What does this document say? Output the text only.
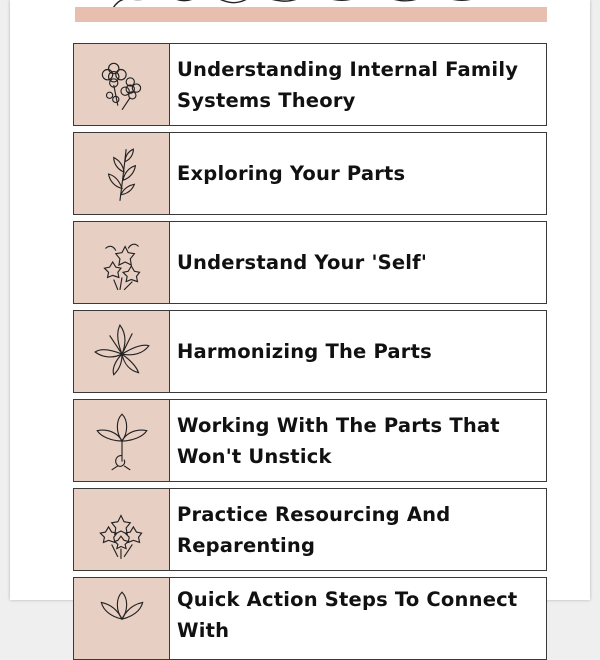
Understanding Internal Family Systems Theory
Exploring Your Parts
Understand Your 'Self'
Harmonizing The Parts
Working With The Parts That Won't Unstick
Practice Resourcing And Reparenting
Quick Action Steps To Connect With
